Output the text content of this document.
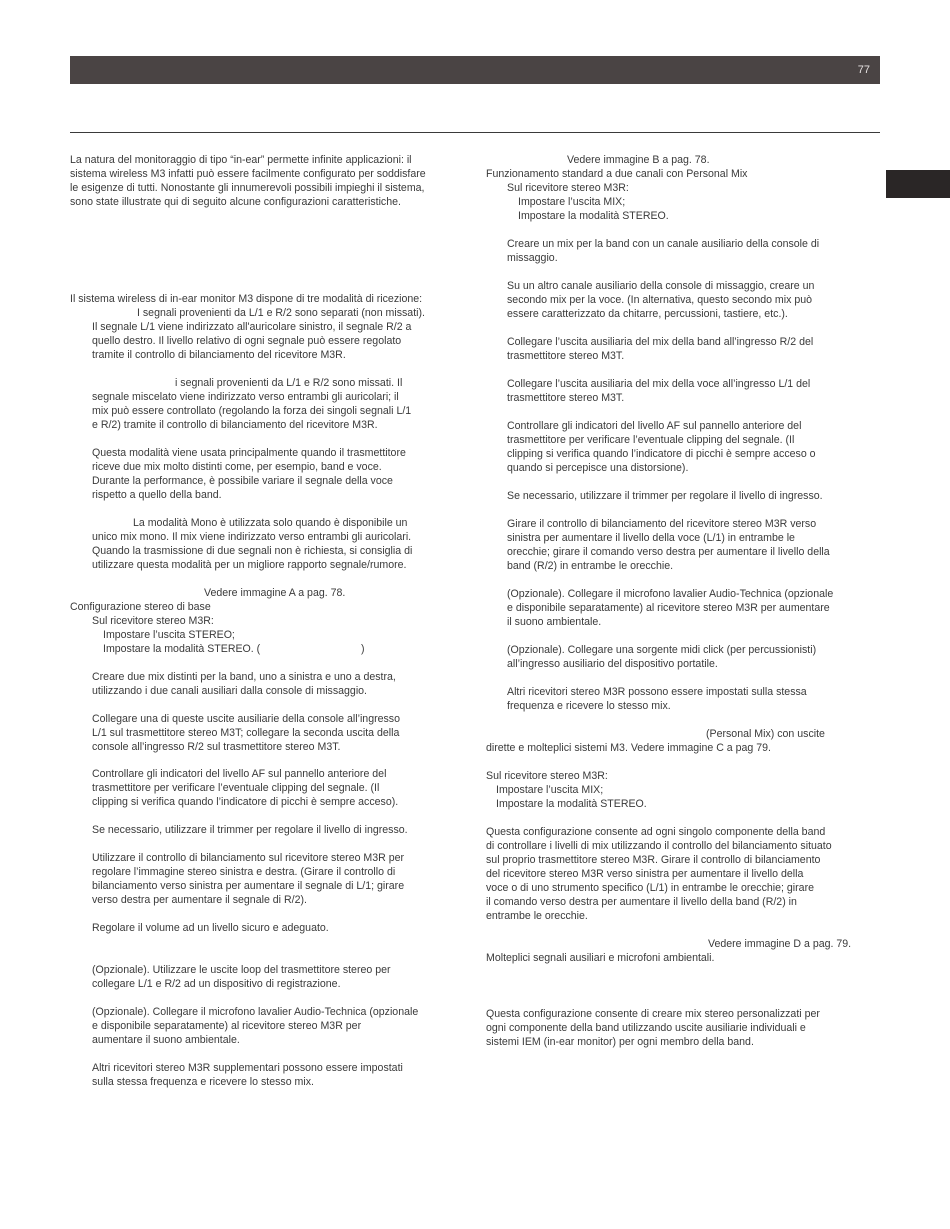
77
La natura del monitoraggio di tipo “in-ear” permette infinite applicazioni: il
sistema wireless M3 infatti può essere facilmente configurato per soddisfare
le esigenze di tutti. Nonostante gli innumerevoli possibili impieghi il sistema,
sono state illustrate qui di seguito alcune configurazioni caratteristiche.
Il sistema wireless di in-ear monitor M3 dispone di tre modalità di ricezione:
I segnali provenienti da L/1 e R/2 sono separati (non missati).
Il segnale L/1 viene indirizzato all'auricolare sinistro, il segnale R/2 a
quello destro. Il livello relativo di ogni segnale può essere regolato
tramite il controllo di bilanciamento del ricevitore M3R.
i segnali provenienti da L/1 e R/2 sono missati. Il
segnale miscelato viene indirizzato verso entrambi gli auricolari; il
mix può essere controllato (regolando la forza dei singoli segnali L/1
e R/2) tramite il controllo di bilanciamento del ricevitore M3R.
Questa modalità viene usata principalmente quando il trasmettitore
riceve due mix molto distinti come, per esempio, band e voce.
Durante la performance, è possibile variare il segnale della voce
rispetto a quello della band.
La modalità Mono è utilizzata solo quando è disponibile un
unico mix mono. Il mix viene indirizzato verso entrambi gli auricolari.
Quando la trasmissione di due segnali non è richiesta, si consiglia di
utilizzare questa modalità per un migliore rapporto segnale/rumore.
Vedere immagine A a pag. 78.
Configurazione stereo di base
Sul ricevitore stereo M3R:
Impostare l’uscita STEREO;
Impostare la modalità STEREO. (	)
Creare due mix distinti per la band, uno a sinistra e uno a destra,
utilizzando i due canali ausiliari dalla console di missaggio.
Collegare una di queste uscite ausiliarie della console all’ingresso
L/1 sul trasmettitore stereo M3T; collegare la seconda uscita della
console all’ingresso R/2 sul trasmettitore stereo M3T.
Controllare gli indicatori del livello AF sul pannello anteriore del
trasmettitore per verificare l’eventuale clipping del segnale. (Il
clipping si verifica quando l’indicatore di picchi è sempre acceso).
Se necessario, utilizzare il trimmer per regolare il livello di ingresso.
Utilizzare il controllo di bilanciamento sul ricevitore stereo M3R per
regolare l’immagine stereo sinistra e destra. (Girare il controllo di
bilanciamento verso sinistra per aumentare il segnale di L/1; girare
verso destra per aumentare il segnale di R/2).
Regolare il volume ad un livello sicuro e adeguato.
(Opzionale). Utilizzare le uscite loop del trasmettitore stereo per
collegare L/1 e R/2 ad un dispositivo di registrazione.
(Opzionale). Collegare il microfono lavalier Audio-Technica (opzionale
e disponibile separatamente) al ricevitore stereo M3R per
aumentare il suono ambientale.
Altri ricevitori stereo M3R supplementari possono essere impostati
sulla stessa frequenza e ricevere lo stesso mix.
Vedere immagine B a pag. 78.
Funzionamento standard a due canali con Personal Mix
Sul ricevitore stereo M3R:
Impostare l’uscita MIX;
Impostare la modalità STEREO.
Creare un mix per la band con un canale ausiliario della console di
missaggio.
Su un altro canale ausiliario della console di missaggio, creare un
secondo mix per la voce. (In alternativa, questo secondo mix può
essere caratterizzato da chitarre, percussioni, tastiere, etc.).
Collegare l’uscita ausiliaria del mix della band all’ingresso R/2 del
trasmettitore stereo M3T.
Collegare l’uscita ausiliaria del mix della voce all’ingresso L/1 del
trasmettitore stereo M3T.
Controllare gli indicatori del livello AF sul pannello anteriore del
trasmettitore per verificare l’eventuale clipping del segnale. (Il
clipping si verifica quando l’indicatore di picchi è sempre acceso o
quando si percepisce una distorsione).
Se necessario, utilizzare il trimmer per regolare il livello di ingresso.
Girare il controllo di bilanciamento del ricevitore stereo M3R verso
sinistra per aumentare il livello della voce (L/1) in entrambe le
orecchie; girare il comando verso destra per aumentare il livello della
band (R/2) in entrambe le orecchie.
(Opzionale). Collegare il microfono lavalier Audio-Technica (opzionale
e disponibile separatamente) al ricevitore stereo M3R per aumentare
il suono ambientale.
(Opzionale). Collegare una sorgente midi click (per percussionisti)
all’ingresso ausiliario del dispositivo portatile.
Altri ricevitori stereo M3R possono essere impostati sulla stessa
frequenza e ricevere lo stesso mix.
(Personal Mix) con uscite
dirette e molteplici sistemi M3. Vedere immagine C a pag 79.
Sul ricevitore stereo M3R:
Impostare l’uscita MIX;
Impostare la modalità STEREO.
Questa configurazione consente ad ogni singolo componente della band
di controllare i livelli di mix utilizzando il controllo del bilanciamento situato
sul proprio trasmettitore stereo M3R. Girare il controllo di bilanciamento
del ricevitore stereo M3R verso sinistra per aumentare il livello della
voce o di uno strumento specifico (L/1) in entrambe le orecchie; girare
il comando verso destra per aumentare il livello della band (R/2) in
entrambe le orecchie.
Vedere immagine D a pag. 79.
Molteplici segnali ausiliari e microfoni ambientali.
Questa configurazione consente di creare mix stereo personalizzati per
ogni componente della band utilizzando uscite ausiliarie individuali e
sistemi IEM (in-ear monitor) per ogni membro della band.
